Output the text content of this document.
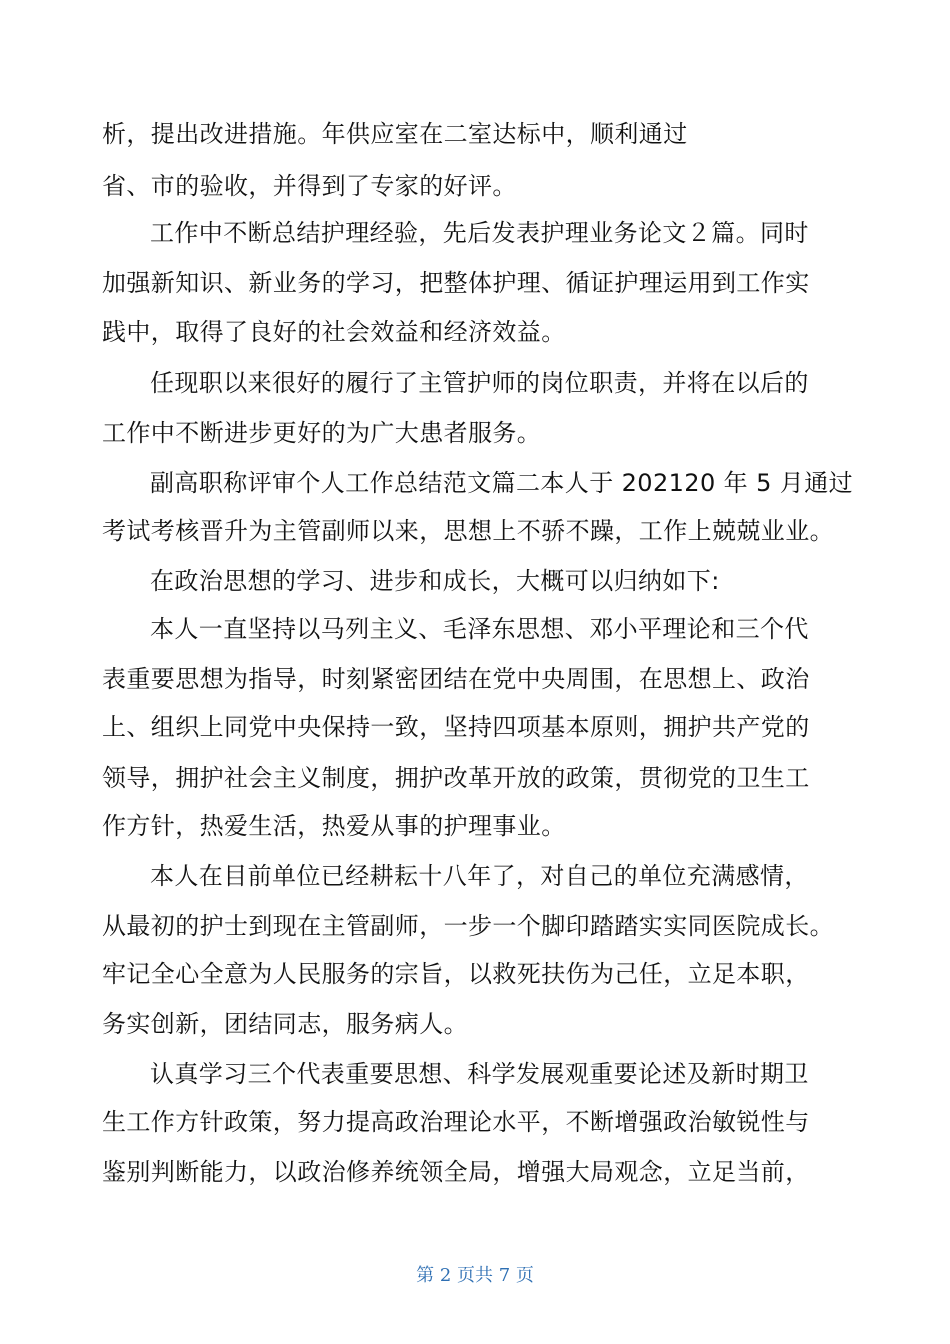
析，提出改进措施。年供应室在二室达标中，顺利通过

省、市的验收，并得到了专家的好评。

工作中不断总结护理经验，先后发表护理业务论文２篇。同时

加强新知识、新业务的学习，把整体护理、循证护理运用到工作实

践中，取得了良好的社会效益和经济效益。

任现职以来很好的履行了主管护师的岗位职责，并将在以后的

工作中不断进步更好的为广大患者服务。

副高职称评审个人工作总结范文篇二本人于 202120 年 5 月通过

考试考核晋升为主管副师以来，思想上不骄不躁，工作上兢兢业业。

在政治思想的学习、进步和成长，大概可以归纳如下:

本人一直坚持以马列主义、毛泽东思想、邓小平理论和三个代

表重要思想为指导，时刻紧密团结在党中央周围，在思想上、政治

上、组织上同党中央保持一致，坚持四项基本原则，拥护共产党的

领导，拥护社会主义制度，拥护改革开放的政策，贯彻党的卫生工

作方针，热爱生活，热爱从事的护理事业。

本人在目前单位已经耕耘十八年了，对自己的单位充满感情，

从最初的护士到现在主管副师，一步一个脚印踏踏实实同医院成长。

牢记全心全意为人民服务的宗旨，以救死扶伤为己任，立足本职，

务实创新，团结同志，服务病人。

认真学习三个代表重要思想、科学发展观重要论述及新时期卫

生工作方针政策，努力提高政治理论水平，不断增强政治敏锐性与

鉴别判断能力，以政治修养统领全局，增强大局观念，立足当前，

第 2 页共 7 页
